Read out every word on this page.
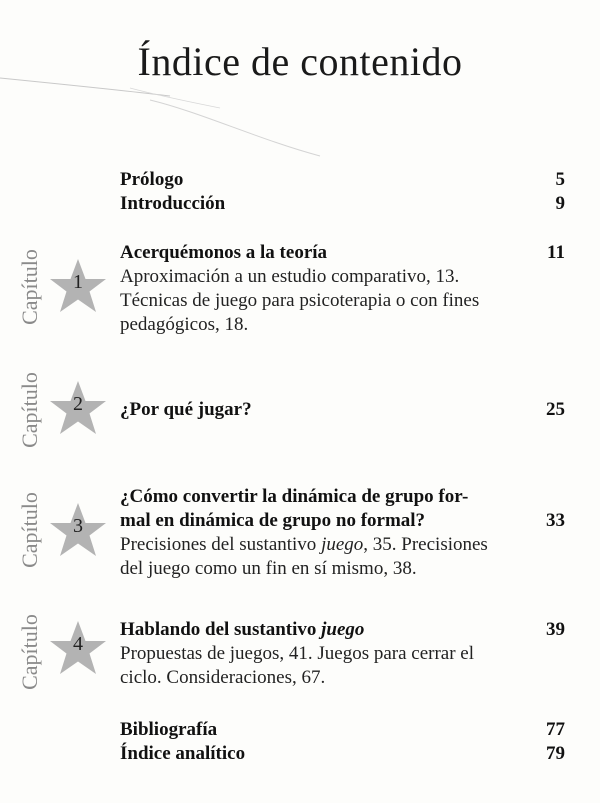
Índice de contenido
Prólogo	5
Introducción	9
Capítulo	1
Acerquémonos a la teoría	11
Aproximación a un estudio comparativo, 13.
Técnicas de juego para psicoterapia o con fines
pedagógicos, 18.
Capítulo	2	¿Por qué jugar?	25
Capítulo	3
¿Cómo convertir la dinámica de grupo for-
mal en dinámica de grupo no formal?	33
Precisiones del sustantivo juego, 35. Precisiones
del juego como un fin en sí mismo, 38.
Capítulo	4
Hablando del sustantivo juego	39
Propuestas de juegos, 41. Juegos para cerrar el
ciclo. Consideraciones, 67.
Bibliografía	77
Índice analítico	79
